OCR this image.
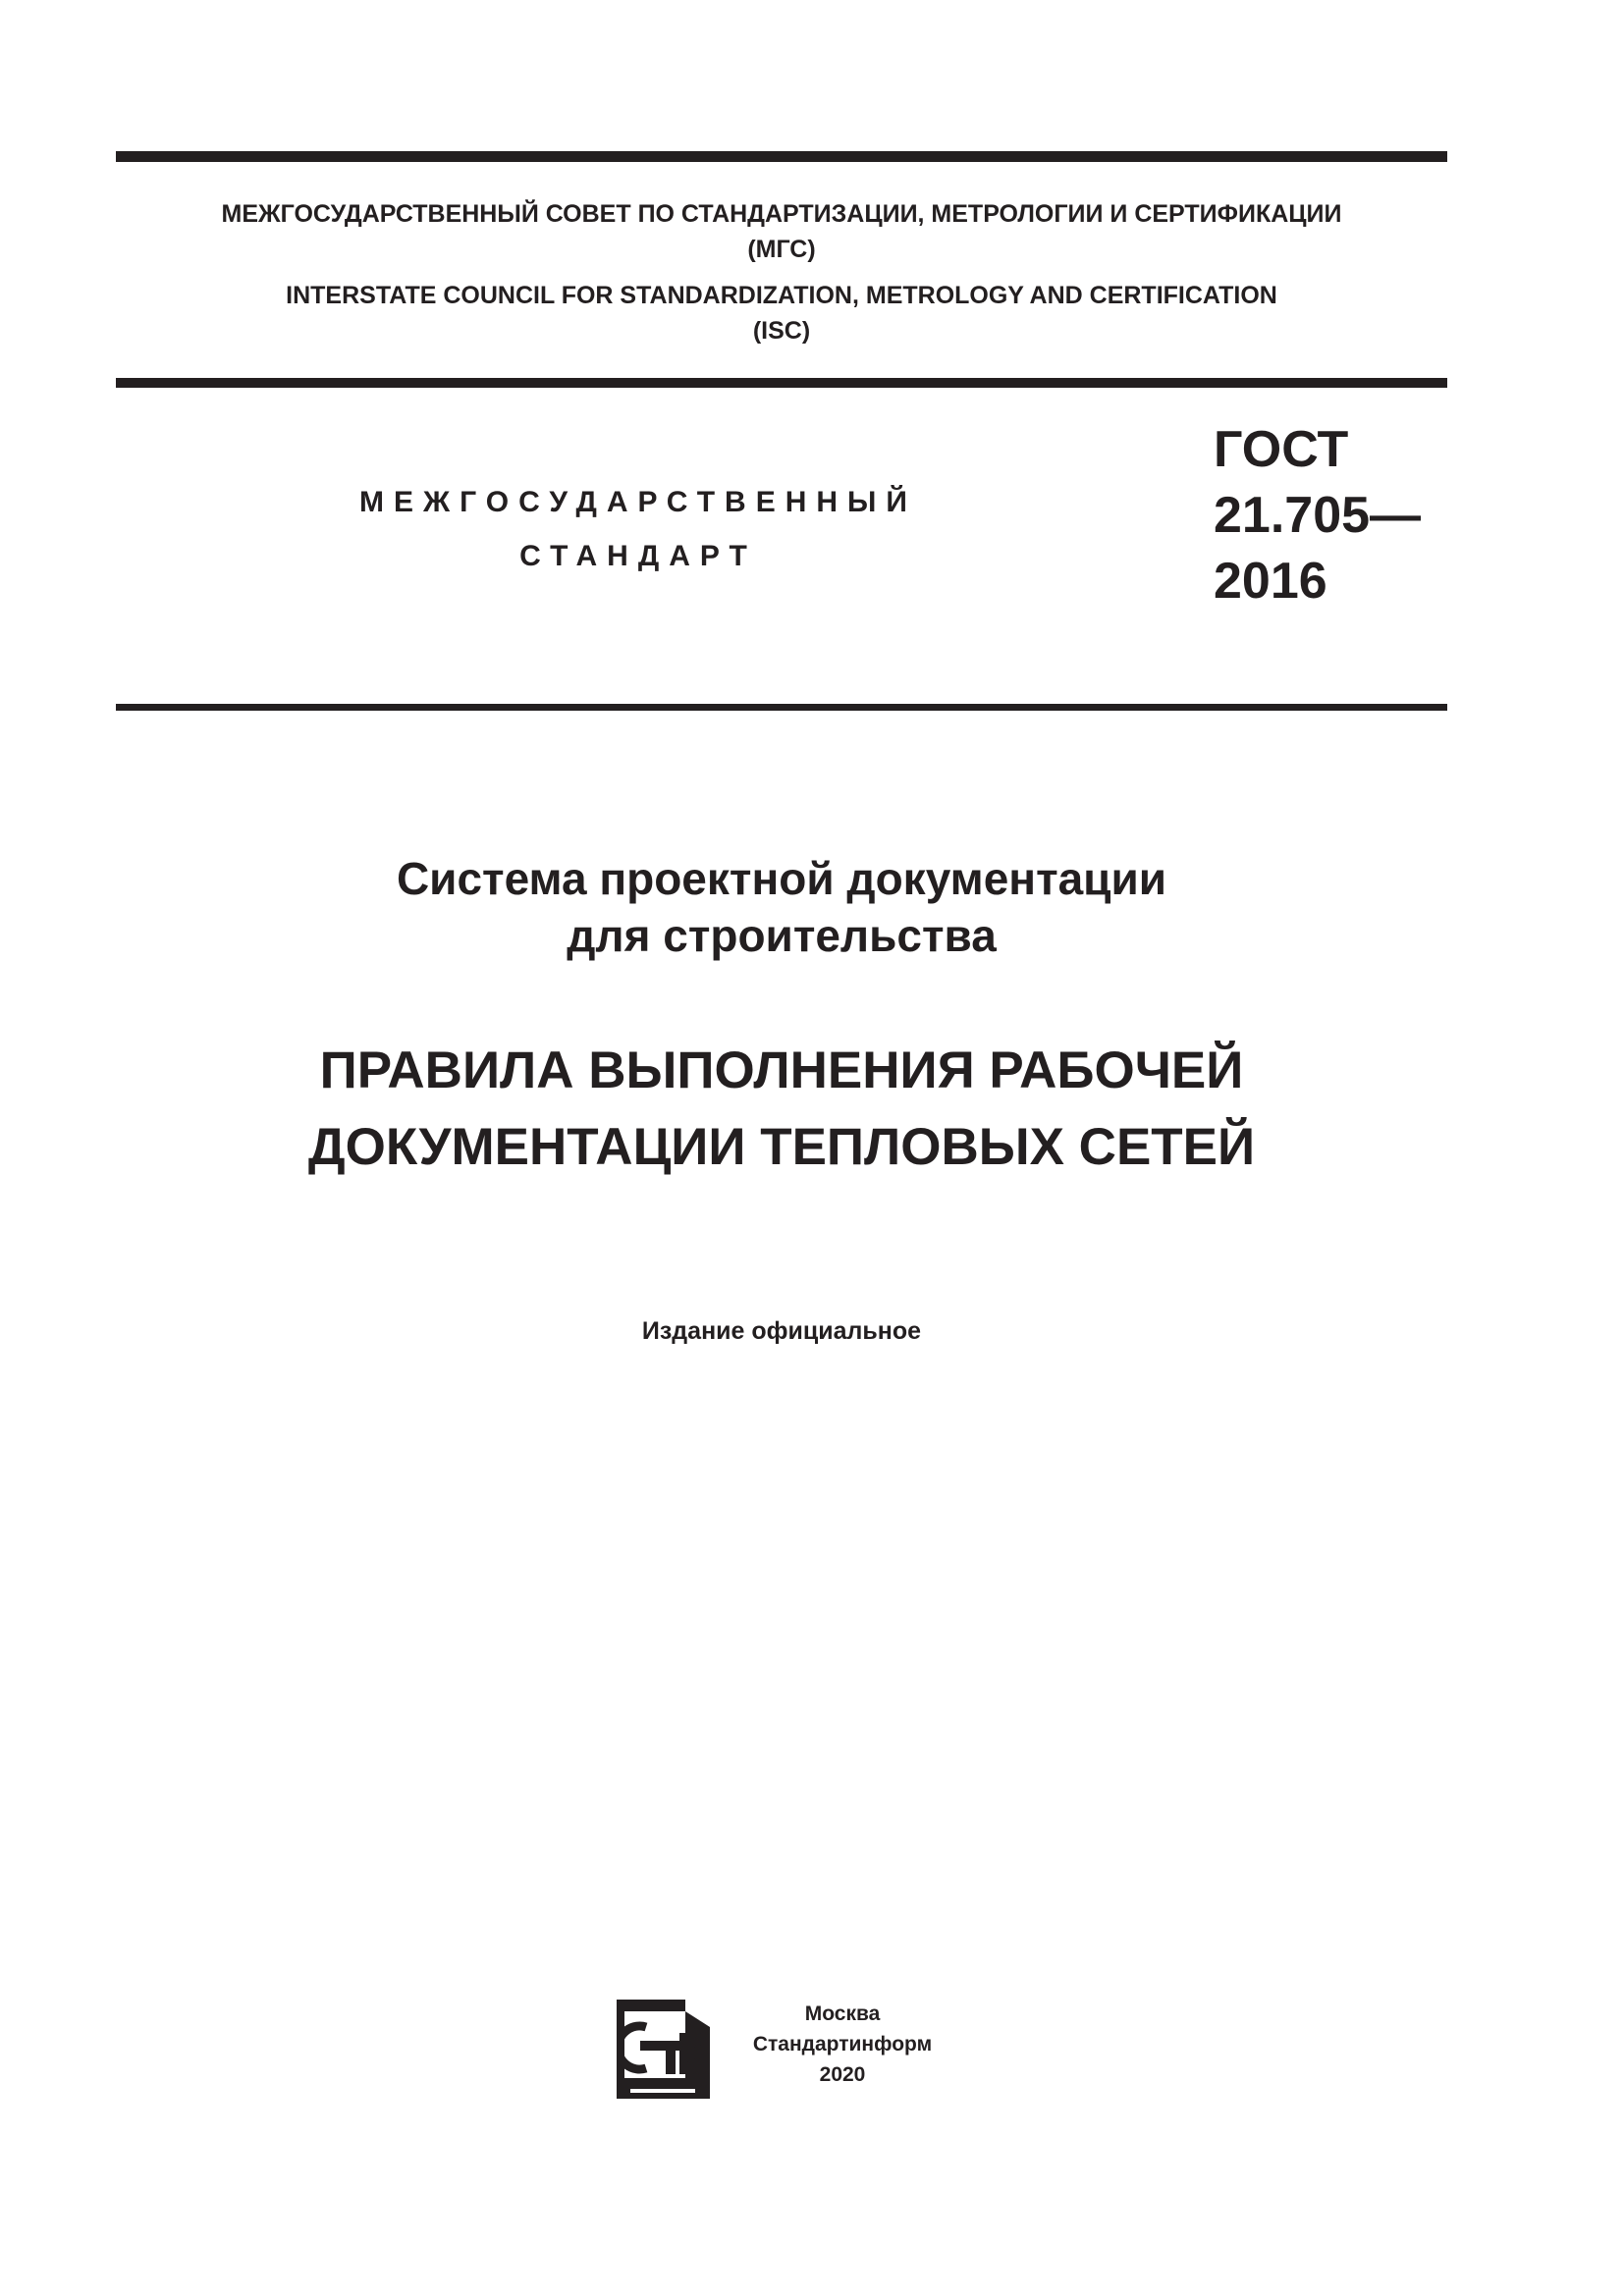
МЕЖГОСУДАРСТВЕННЫЙ СОВЕТ ПО СТАНДАРТИЗАЦИИ, МЕТРОЛОГИИ И СЕРТИФИКАЦИИ
(МГС)
INTERSTATE COUNCIL FOR STANDARDIZATION, METROLOGY AND CERTIFICATION
(ISC)
МЕЖГОСУДАРСТВЕННЫЙ
СТАНДАРТ
ГОСТ
21.705—
2016
Система проектной документации
для строительства
ПРАВИЛА ВЫПОЛНЕНИЯ РАБОЧЕЙ
ДОКУМЕНТАЦИИ ТЕПЛОВЫХ СЕТЕЙ
Издание официальное
Москва
Стандартинформ
2020
